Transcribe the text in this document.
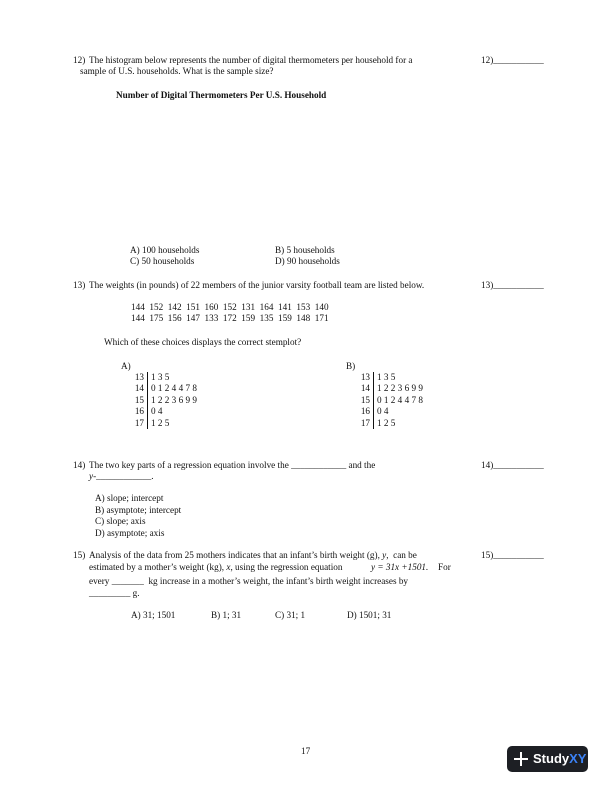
12) The histogram below represents the number of digital thermometers per household for a
sample of U.S. households. What is the sample size?
12)___________
Number of Digital Thermometers Per U.S. Household
A) 100 households	B) 5 households
C) 50 households	D) 90 households
13) The weights (in pounds) of 22 members of the junior varsity football team are listed below.	13)___________
144  152  142  151  160  152  131  164  141  153  140
144  175  156  147  133  172  159  135  159  148  171
Which of these choices displays the correct stemplot?
A)
13 1 3 5
14 0 1 2 4 4 7 8
15 1 2 2 3 6 9 9
16 0 4
17 1 2 5
B)
13 1 3 5
14 1 2 2 3 6 9 9
15 0 1 2 4 4 7 8
16 0 4
17 1 2 5
14) The two key parts of a regression equation involve the ____________ and the	14)___________
y-____________.
A) slope; intercept
B) asymptote; intercept
C) slope; axis
D) asymptote; axis
15) Analysis of the data from 25 mothers indicates that an infant’s birth weight (g), y,  can be	15)___________
estimated by a mother’s weight (kg), x, using the regression equation	y = 31x +1501. For
every _______  kg increase in a mother’s weight, the infant’s birth weight increases by
_________ g.
A) 31; 1501	B) 1; 31	C) 31; 1	D) 1501; 31
17	StudyXY
